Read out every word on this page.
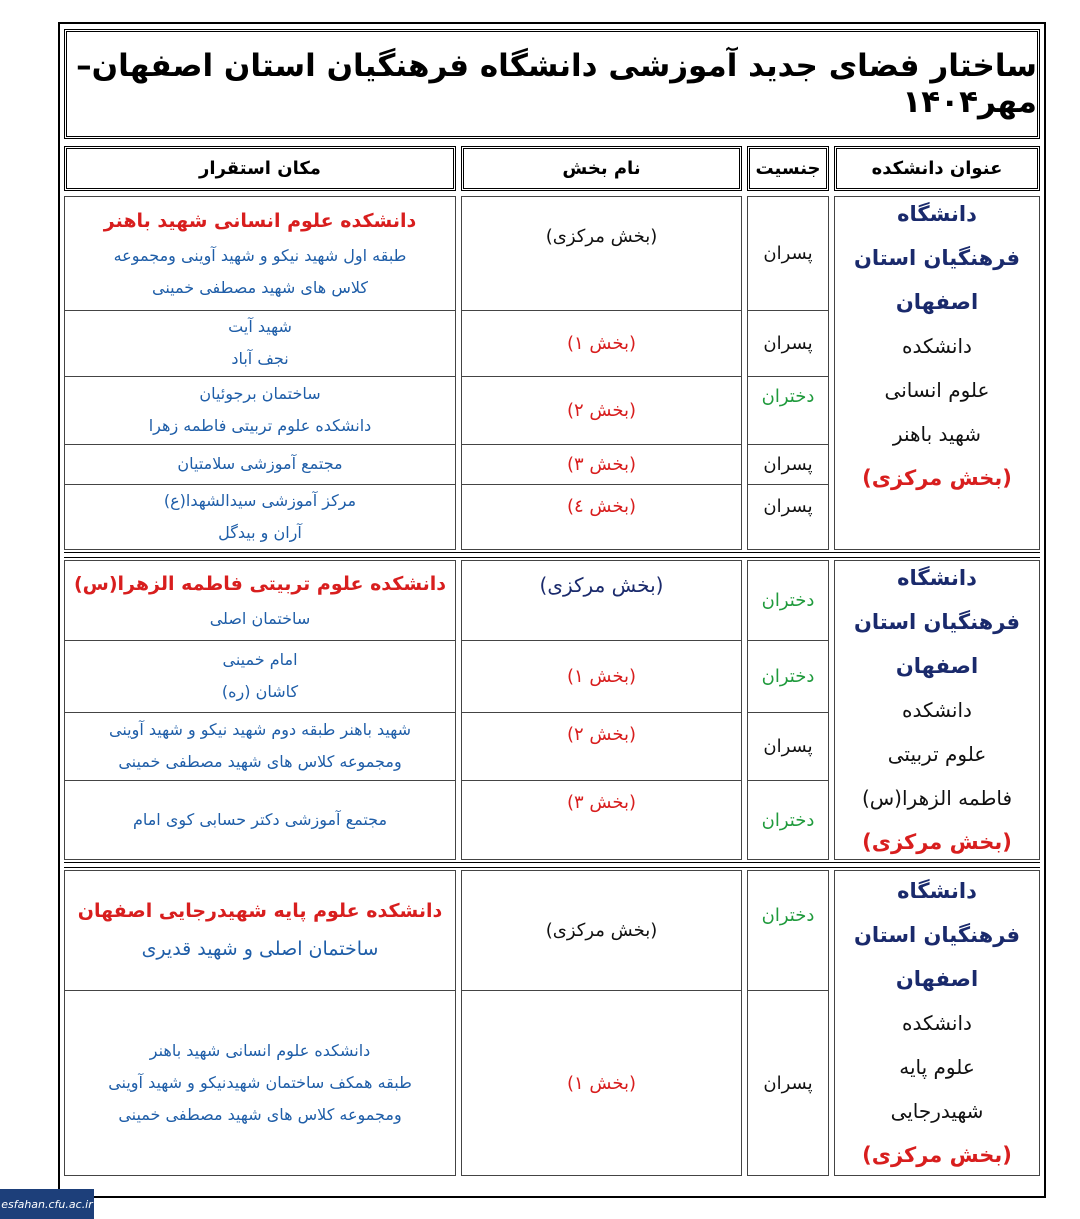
ساختار فضای جدید آموزشی دانشگاه فرهنگیان استان اصفهان– مهر۱۴۰۴
عنوان دانشکده
جنسیت
نام بخش
مکان استقرار
دانشگاه
فرهنگیان استان
اصفهان
دانشکده
علوم انسانی
شهید باهنر
(بخش مرکزی)
پسران
(بخش مرکزی)
دانشکده علوم انسانی شهید باهنر
طبقه اول شهید نیکو و شهید آوینی ومجموعه
کلاس های شهید مصطفی خمینی
پسران
(بخش ۱)
شهید آیت
نجف آباد
دختران
(بخش ۲)
ساختمان برجوئیان
دانشکده علوم تربیتی فاطمه زهرا
پسران
(بخش ۳)
مجتمع آموزشی سلامتیان
پسران
(بخش ٤)
مرکز آموزشی سیدالشهدا(ع)
آران و بیدگل
دانشگاه
فرهنگیان استان
اصفهان
دانشکده
علوم تربیتی
فاطمه الزهرا(س)
(بخش مرکزی)
دختران
(بخش مرکزی)
دانشکده علوم تربیتی فاطمه الزهرا(س)
ساختمان اصلی
دختران
(بخش ۱)
امام خمینی
کاشان (ره)
پسران
(بخش ۲)
شهید باهنر طبقه دوم شهید نیکو و شهید آوینی
ومجموعه کلاس های شهید مصطفی خمینی
دختران
(بخش ۳)
مجتمع آموزشی دکتر حسابی کوی امام
دانشگاه
فرهنگیان استان
اصفهان
دانشکده
علوم پایه
شهیدرجایی
(بخش مرکزی)
دختران
(بخش مرکزی)
دانشکده علوم پایه شهیدرجایی اصفهان
ساختمان اصلی و شهید قدیری
پسران
(بخش ۱)
دانشکده علوم انسانی شهید باهنر
طبقه همکف ساختمان شهیدنیکو و شهید آوینی
ومجموعه کلاس های شهید مصطفی خمینی
esfahan.cfu.ac.ir
